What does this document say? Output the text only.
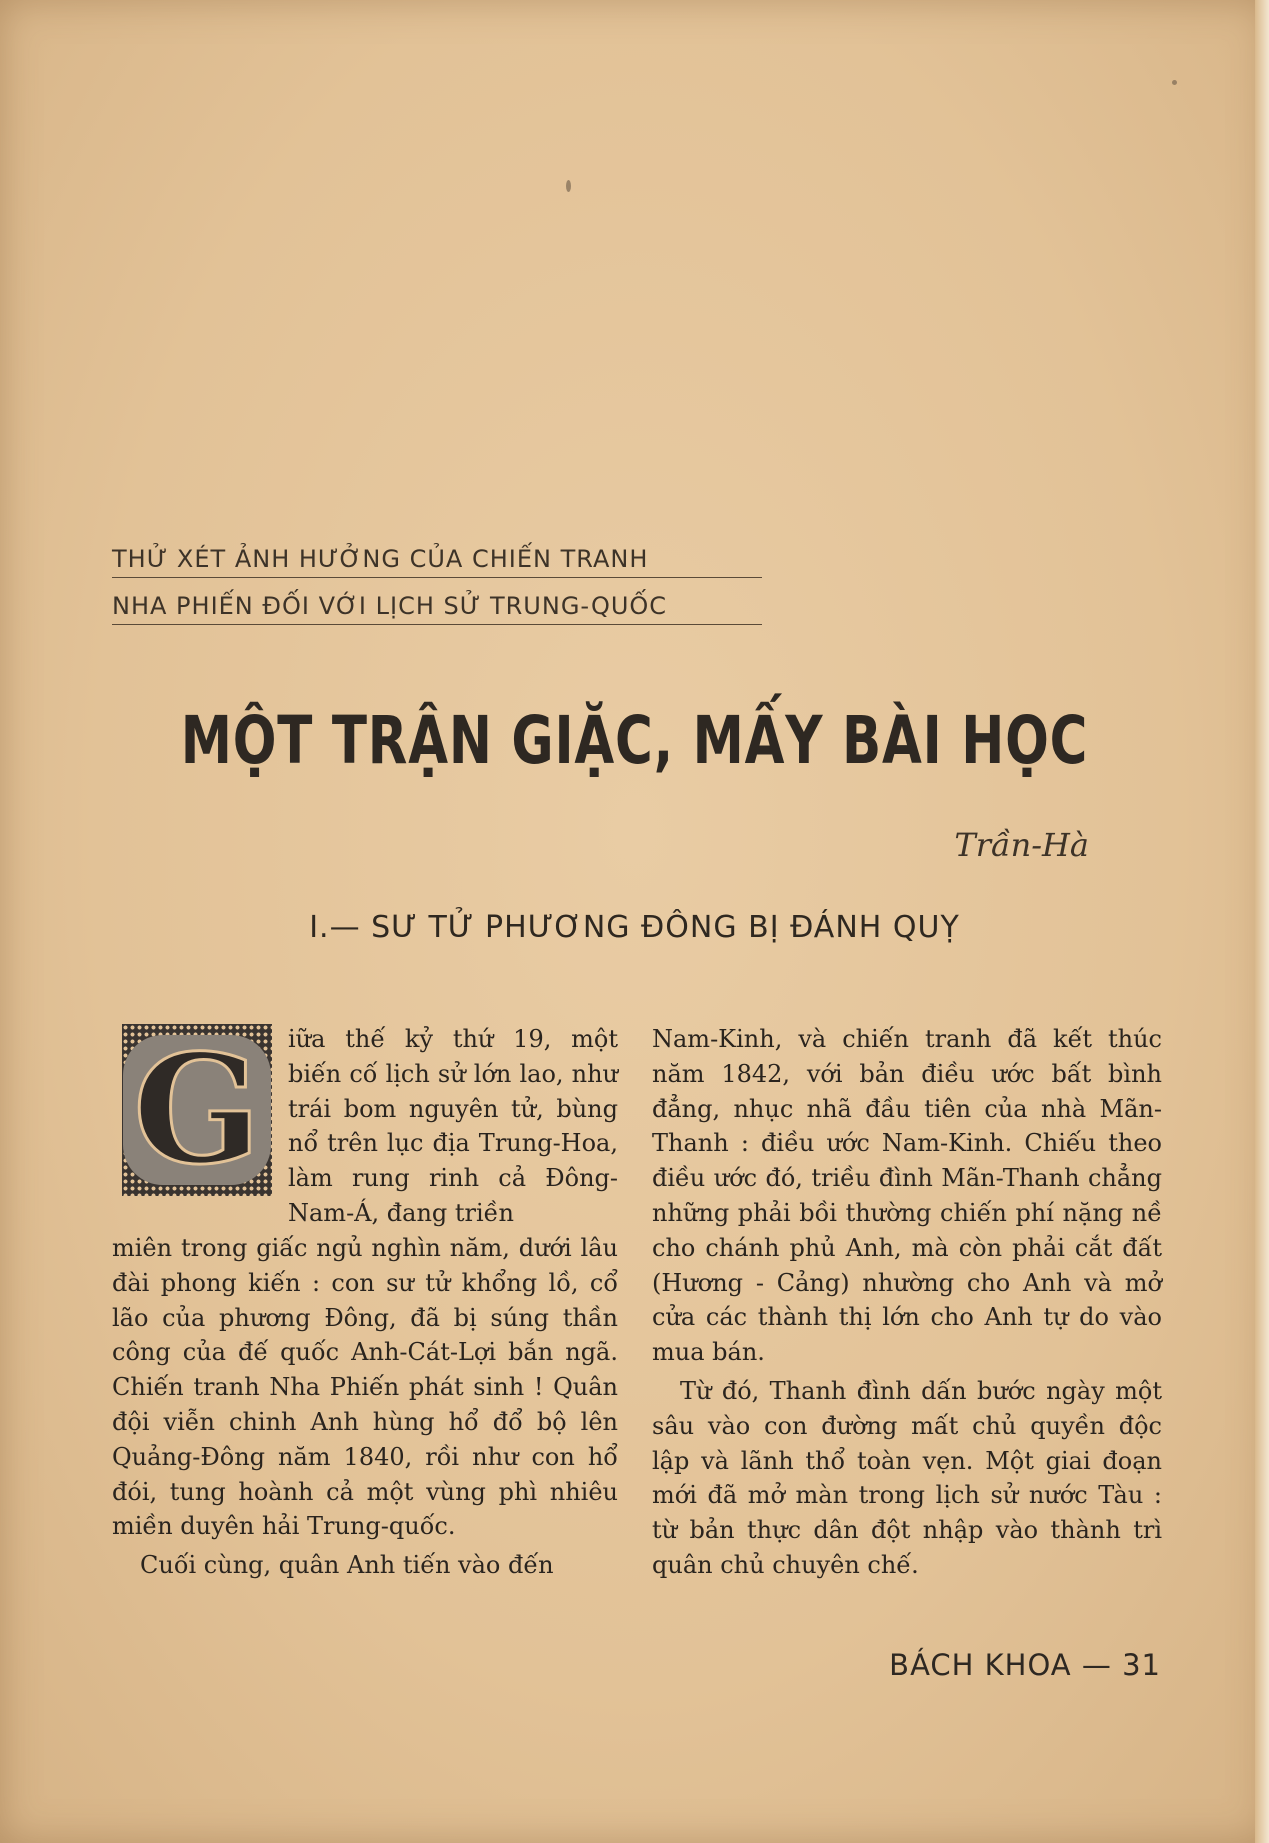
THỬ XÉT ẢNH HƯỞNG CỦA CHIẾN TRANH
NHA PHIẾN ĐỐI VỚI LỊCH SỬ TRUNG-QUỐC
MỘT TRẬN GIẶC, MẤY BÀI HỌC
Trần-Hà
I.— SƯ TỬ PHƯƠNG ĐÔNG BỊ ĐÁNH QUỴ
G	iữa thế kỷ thứ 19, một biến cố lịch sử lớn lao, như trái bom nguyên tử, bùng nổ trên lục địa Trung-Hoa, làm rung rinh cả Đông-Nam-Á, đang triền

miên trong giấc ngủ nghìn năm, dưới lâu đài phong kiến : con sư tử khổng lồ, cổ lão của phương Đông, đã bị súng thần công của đế quốc Anh-Cát-Lợi bắn ngã. Chiến tranh Nha Phiến phát sinh ! Quân đội viễn chinh Anh hùng hổ đổ bộ lên Quảng-Đông năm 1840, rồi như con hổ đói, tung hoành cả một vùng phì nhiêu miền duyên hải Trung-quốc.

Cuối cùng, quân Anh tiến vào đến

Nam-Kinh, và chiến tranh đã kết thúc năm 1842, với bản điều ước bất bình đẳng, nhục nhã đầu tiên của nhà Mãn-Thanh : điều ước Nam-Kinh. Chiếu theo điều ước đó, triều đình Mãn-Thanh chẳng những phải bồi thường chiến phí nặng nề cho chánh phủ Anh, mà còn phải cắt đất (Hương - Cảng) nhường cho Anh và mở cửa các thành thị lớn cho Anh tự do vào mua bán.

Từ đó, Thanh đình dấn bước ngày một sâu vào con đường mất chủ quyền độc lập và lãnh thổ toàn vẹn. Một giai đoạn mới đã mở màn trong lịch sử nước Tàu : từ bản thực dân đột nhập vào thành trì quân chủ chuyên chế.

BÁCH KHOA — 31
